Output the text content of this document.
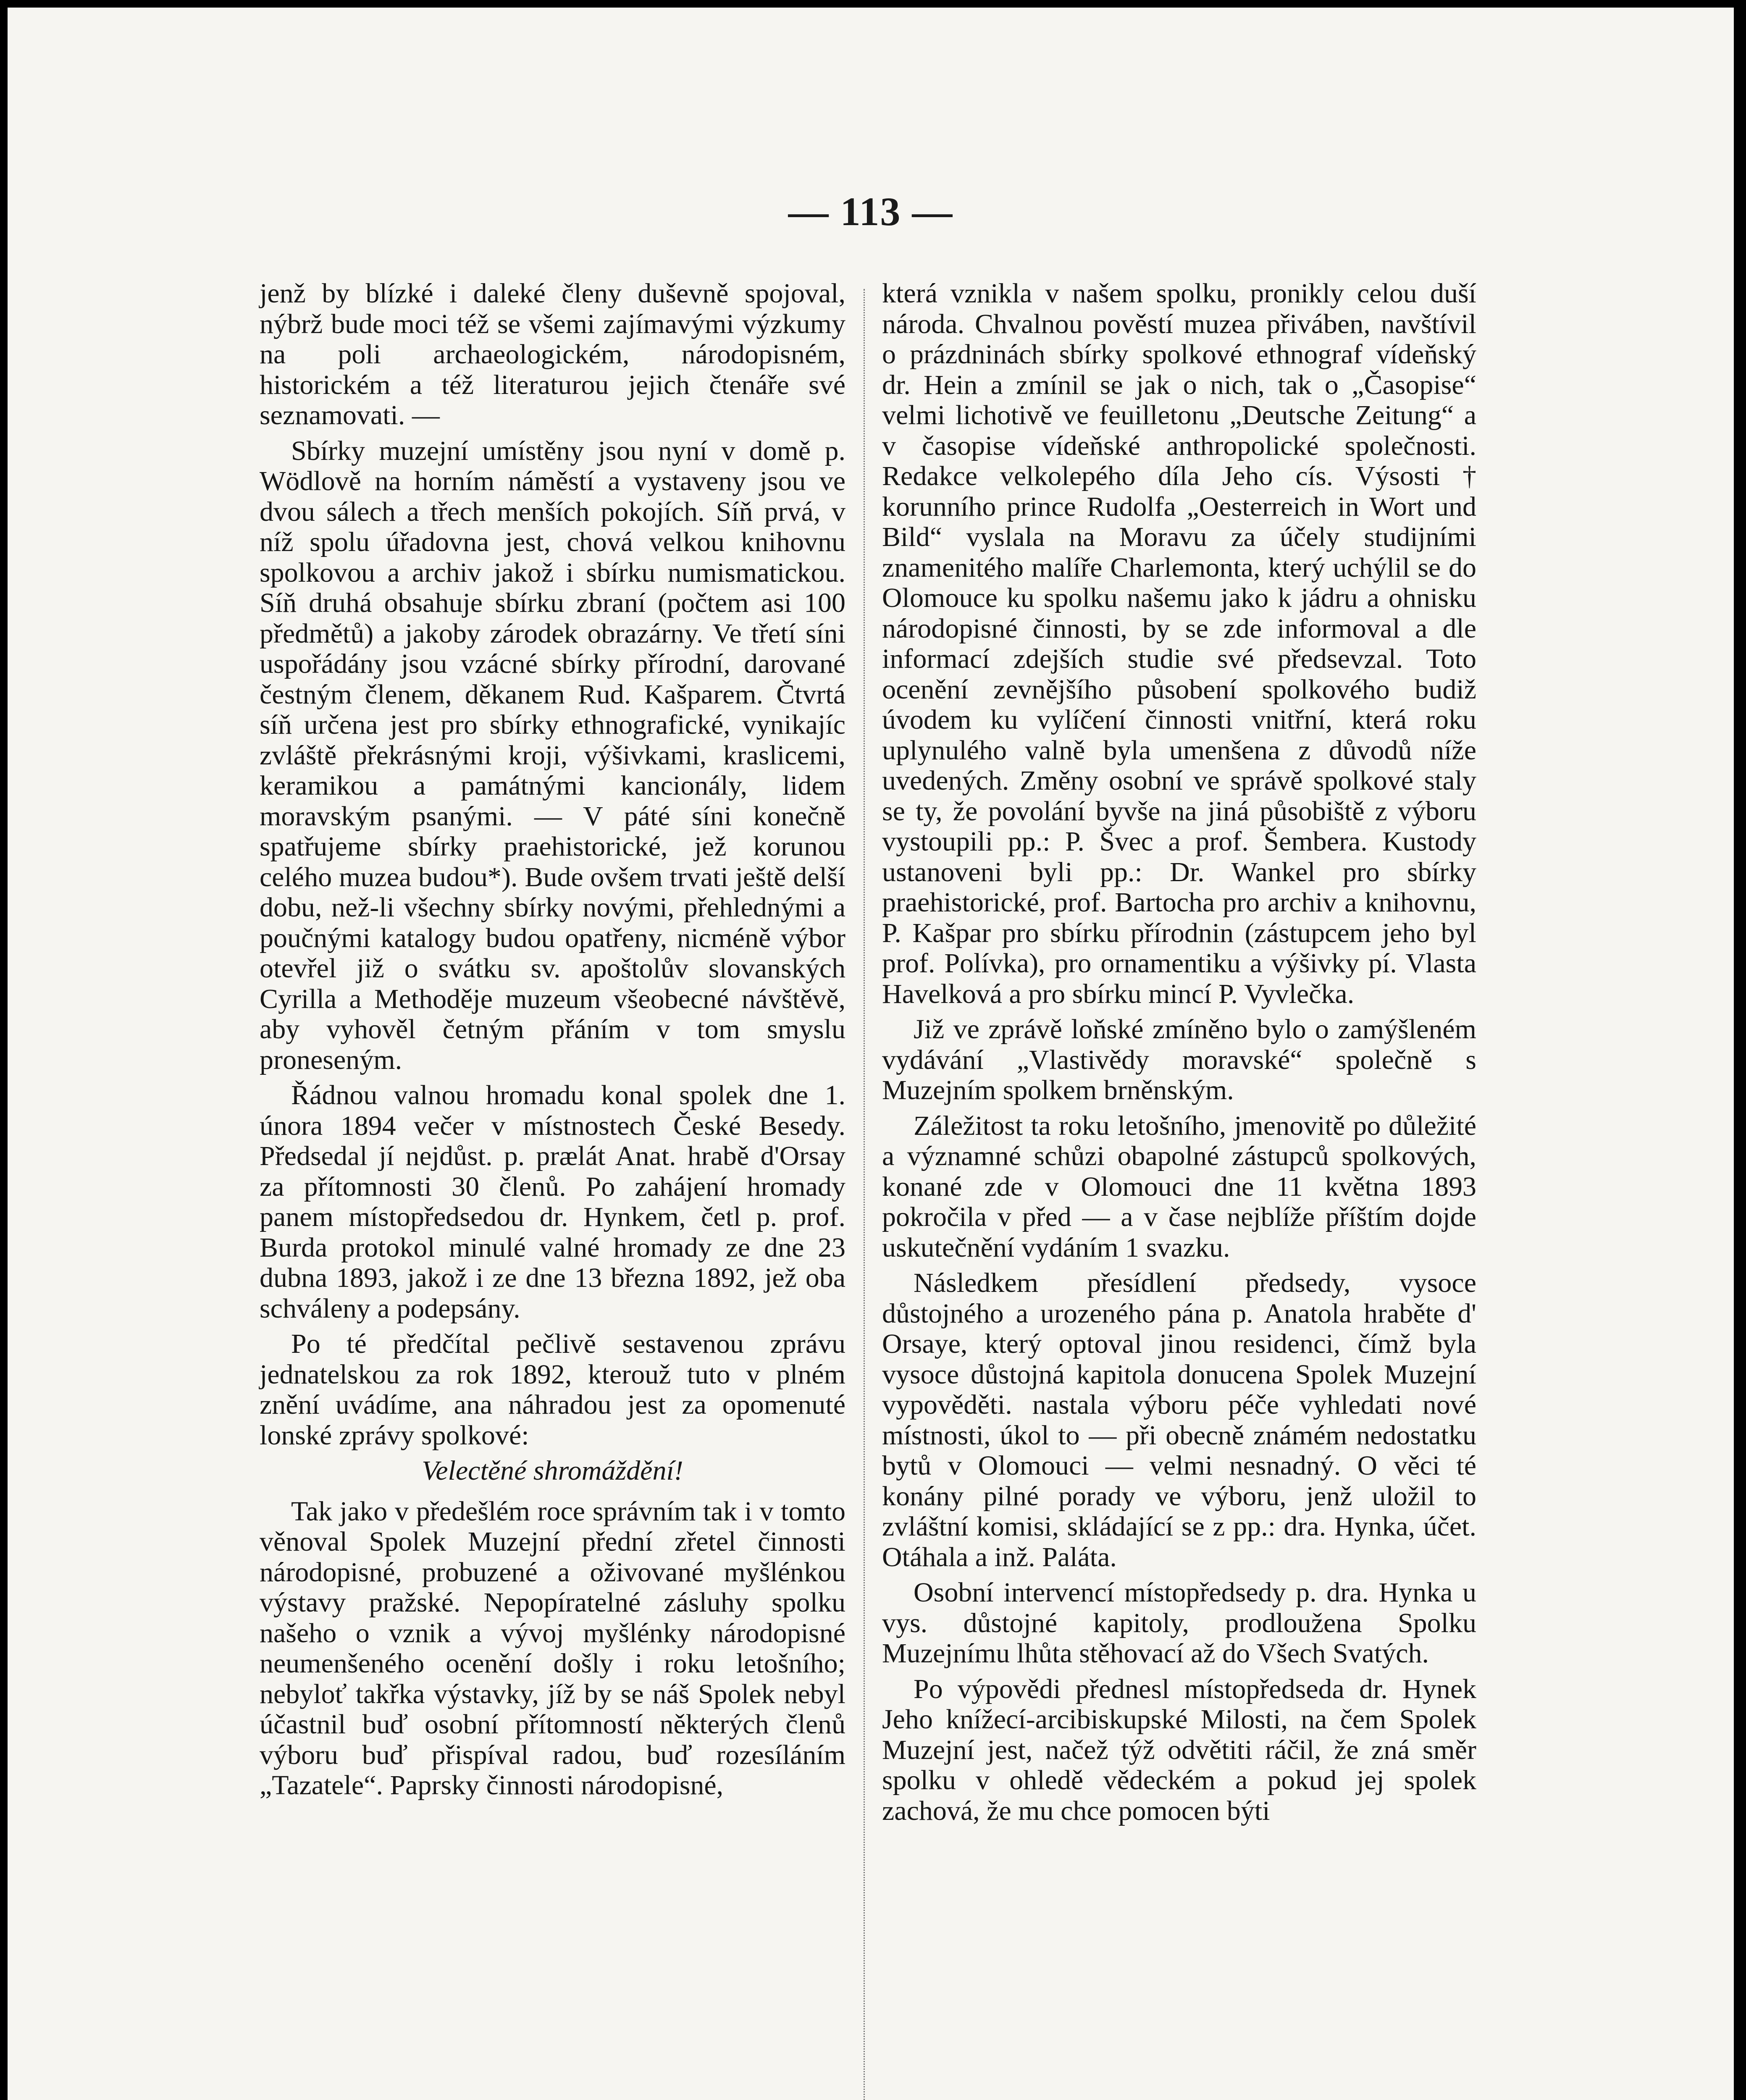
— 113 —

jenž by blízké i daleké členy duševně spojoval, nýbrž bude moci též se všemi zajímavými výzkumy na poli archaeologickém, národopisném, historickém a též literaturou jejich čtenáře své seznamovati. —

Sbírky muzejní umístěny jsou nyní v domě p. Wödlově na horním náměstí a vystaveny jsou ve dvou sálech a třech menších pokojích. Síň prvá, v níž spolu úřadovna jest, chová velkou knihovnu spolkovou a archiv jakož i sbírku numismatickou. Síň druhá obsahuje sbírku zbraní (počtem asi 100 předmětů) a jakoby zárodek obrazárny. Ve třetí síni uspořádány jsou vzácné sbírky přírodní, darované čestným členem, děkanem Rud. Kašparem. Čtvrtá síň určena jest pro sbírky ethnografické, vynikajíc zvláště překrásnými kroji, výšivkami, kraslicemi, keramikou a památnými kancionály, lidem moravským psanými. — V páté síni konečně spatřujeme sbírky praehistorické, jež korunou celého muzea budou*). Bude ovšem trvati ještě delší dobu, než-li všechny sbírky novými, přehlednými a poučnými katalogy budou opatřeny, nicméně výbor otevřel již o svátku sv. apoštolův slovanských Cyrilla a Methoděje muzeum všeobecné návštěvě, aby vyhověl četným přáním v tom smyslu proneseným.

Řádnou valnou hromadu konal spolek dne 1. února 1894 večer v místnostech České Besedy. Předsedal jí nejdůst. p. prælát Anat. hrabě d'Orsay za přítomnosti 30 členů. Po zahájení hromady panem místopředsedou dr. Hynkem, četl p. prof. Burda protokol minulé valné hromady ze dne 23 dubna 1893, jakož i ze dne 13 března 1892, jež oba schváleny a podepsány.

Po té předčítal pečlivě sestavenou zprávu jednatelskou za rok 1892, kterouž tuto v plném znění uvádíme, ana náhradou jest za opomenuté lonské zprávy spolkové:

Velectěné shromáždění!

Tak jako v předešlém roce správním tak i v tomto věnoval Spolek Muzejní přední zřetel činnosti národopisné, probuzené a oživované myšlénkou výstavy pražské. Nepopíratelné zásluhy spolku našeho o vznik a vývoj myšlénky národopisné neumenšeného ocenění došly i roku letošního; nebyloť takřka výstavky, jíž by se náš Spolek nebyl účastnil buď osobní přítomností některých členů výboru buď přispíval radou, buď rozesíláním „Tazatele“. Paprsky činnosti národopisné,

která vznikla v našem spolku, pronikly celou duší národa. Chvalnou pověstí muzea přiváben, navštívil o prázdninách sbírky spolkové ethnograf vídeňský dr. Hein a zmínil se jak o nich, tak o „Časopise“ velmi lichotivě ve feuilletonu „Deutsche Zeitung“ a v časopise vídeňské anthropolické společnosti. Redakce velkolepého díla Jeho cís. Výsosti † korunního prince Rudolfa „Oesterreich in Wort und Bild“ vyslala na Moravu za účely studijními znamenitého malíře Charlemonta, který uchýlil se do Olomouce ku spolku našemu jako k jádru a ohnisku národopisné činnosti, by se zde informoval a dle informací zdejších studie své předsevzal. Toto ocenění zevnějšího působení spolkového budiž úvodem ku vylíčení činnosti vnitřní, která roku uplynulého valně byla umenšena z důvodů níže uvedených. Změny osobní ve správě spolkové staly se ty, že povolání byvše na jiná působiště z výboru vystoupili pp.: P. Švec a prof. Šembera. Kustody ustanoveni byli pp.: Dr. Wankel pro sbírky praehistorické, prof. Bartocha pro archiv a knihovnu, P. Kašpar pro sbírku přírodnin (zástupcem jeho byl prof. Polívka), pro ornamentiku a výšivky pí. Vlasta Havelková a pro sbírku mincí P. Vyvlečka.

Již ve zprávě loňské zmíněno bylo o zamýšleném vydávání „Vlastivědy moravské“ společně s Muzejním spolkem brněnským.

Záležitost ta roku letošního, jmenovitě po důležité a významné schůzi obapolné zástupců spolkových, konané zde v Olomouci dne 11 května 1893 pokročila v před — a v čase nejblíže příštím dojde uskutečnění vydáním 1 svazku.

Následkem přesídlení předsedy, vysoce důstojného a urozeného pána p. Anatola hraběte d' Orsaye, který optoval jinou residenci, čímž byla vysoce důstojná kapitola donucena Spolek Muzejní vypověděti. nastala výboru péče vyhledati nové místnosti, úkol to — při obecně známém nedostatku bytů v Olomouci — velmi nesnadný. O věci té konány pilné porady ve výboru, jenž uložil to zvláštní komisi, skládající se z pp.: dra. Hynka, účet. Otáhala a inž. Paláta.

Osobní intervencí místopředsedy p. dra. Hynka u vys. důstojné kapitoly, prodloužena Spolku Muzejnímu lhůta stěhovací až do Všech Svatých.

Po výpovědi přednesl místopředseda dr. Hynek Jeho knížecí-arcibiskupské Milosti, na čem Spolek Muzejní jest, načež týž odvětiti ráčil, že zná směr spolku v ohledě vědeckém a pokud jej spolek zachová, že mu chce pomocen býti
